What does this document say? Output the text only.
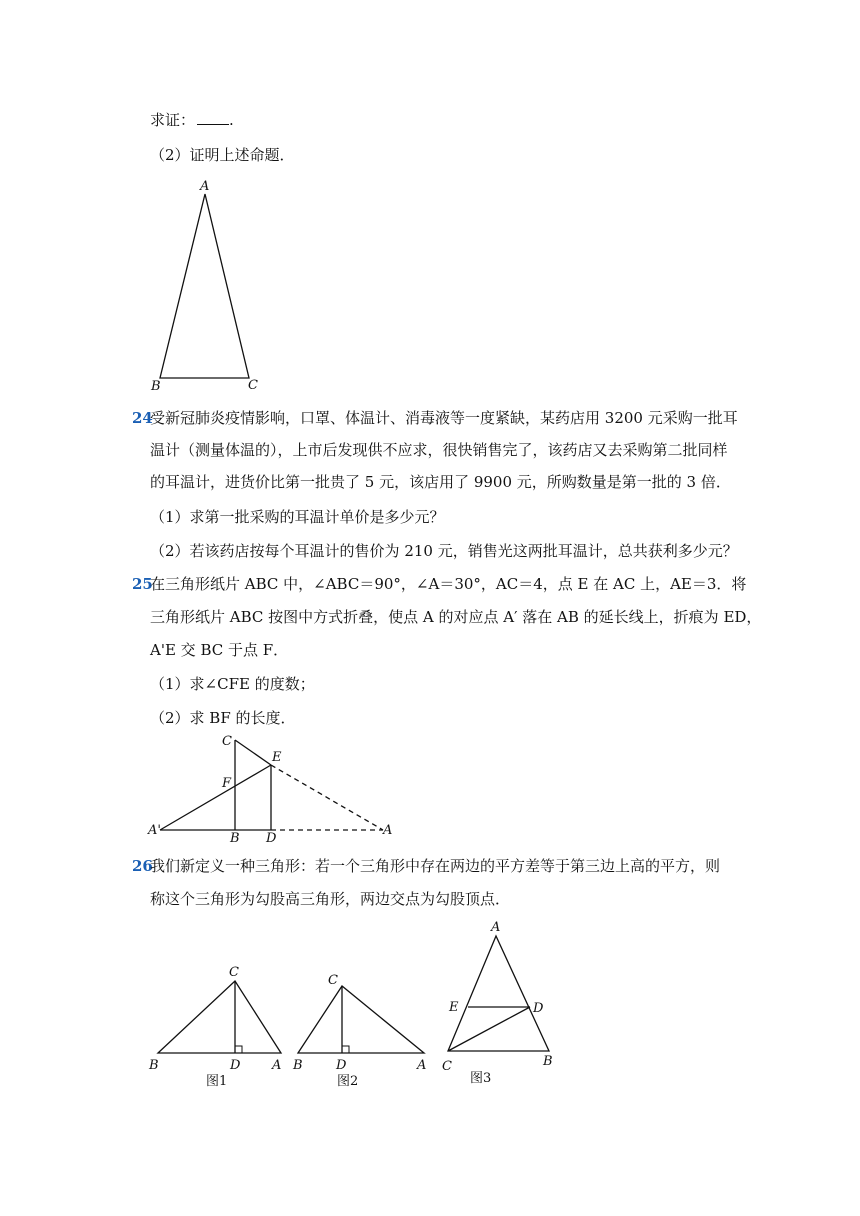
求证： .
（2）证明上述命题．
A
B	C
24
受新冠肺炎疫情影响，口罩、体温计、消毒液等一度紧缺，某药店用 3200 元采购一批耳
温计（测量体温的），上市后发现供不应求，很快销售完了，该药店又去采购第二批同样
的耳温计，进货价比第一批贵了 5 元，该店用了 9900 元，所购数量是第一批的 3 倍．
（1）求第一批采购的耳温计单价是多少元？
（2）若该药店按每个耳温计的售价为 210 元，销售光这两批耳温计，总共获利多少元？
25
在三角形纸片 ABC 中，∠ABC＝90°，∠A＝30°，AC＝4，点 E 在 AC 上，AE＝3．将
三角形纸片 ABC 按图中方式折叠，使点 A 的对应点 A′ 落在 AB 的延长线上，折痕为 ED，
A'E 交 BC 于点 F．
（1）求∠CFE 的度数；
（2）求 BF 的长度．
C
E
F
A'
B D
A
26
我们新定义一种三角形：若一个三角形中存在两边的平方差等于第三边上高的平方，则
称这个三角形为勾股高三角形，两边交点为勾股顶点．
C
B	D A
图1
C
B	D	A
图2
A
E	D
C	B
图3
